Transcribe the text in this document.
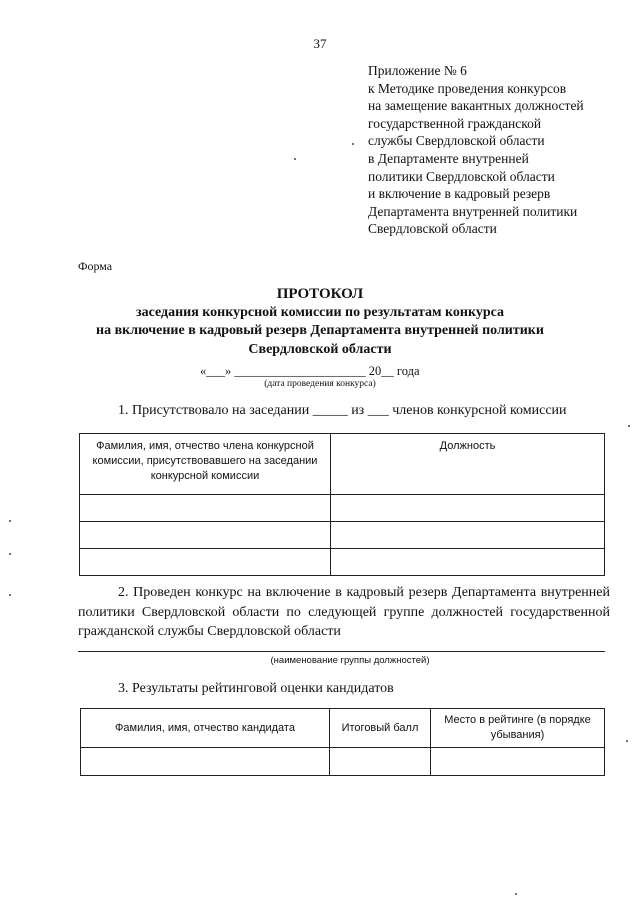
37
Приложение № 6
к Методике проведения конкурсов
на замещение вакантных должностей
государственной гражданской
службы Свердловской области
в Департаменте внутренней
политики Свердловской области
и включение в кадровый резерв
Департамента внутренней политики
Свердловской области
Форма
ПРОТОКОЛ
заседания конкурсной комиссии по результатам конкурса
на включение в кадровый резерв Департамента внутренней политики
Свердловской области
«___» _____________________ 20__ года
(дата проведения конкурса)
1. Присутствовало на заседании _____ из ___ членов конкурсной комиссии
Фамилия, имя, отчество члена конкурсной комиссии, присутствовавшего на заседании конкурсной комиссии	Должность

2. Проведен конкурс на включение в кадровый резерв Департамента внутренней политики Свердловской области по следующей группе должностей государственной гражданской службы Свердловской области
(наименование группы должностей)
3. Результаты рейтинговой оценки кандидатов
Фамилия, имя, отчество кандидата	Итоговый балл	Место в рейтинге (в порядке убывания)
